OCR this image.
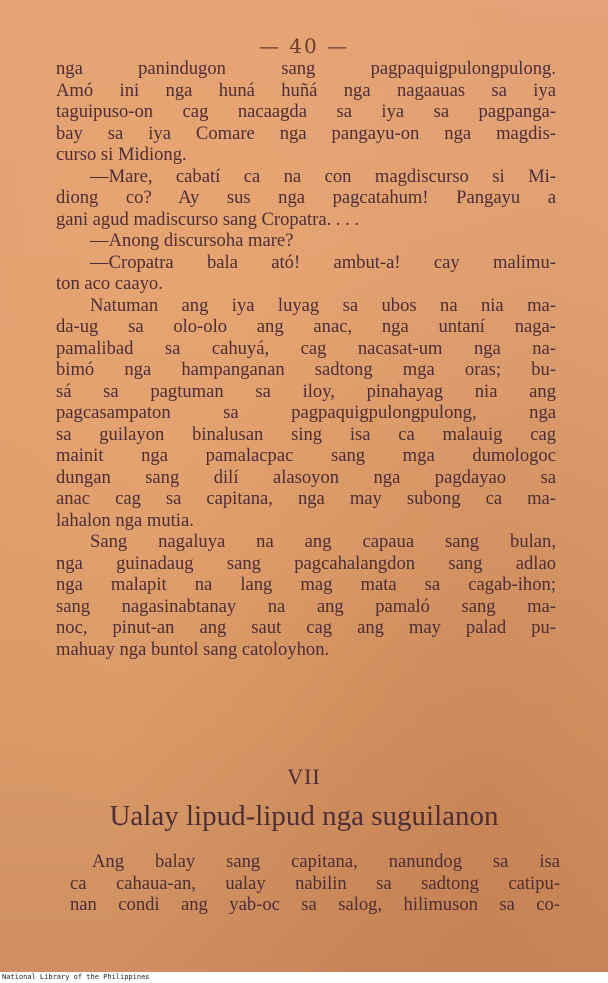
— 40 —
nga panindugon sang pagpaquigpulongpulong.
Amó ini nga huná huñá nga nagaauas sa iya
taguipuso-on cag nacaagda sa iya sa pagpanga-
bay sa iya Comare nga pangayu-on nga magdis-
curso si Midiong.
—Mare, cabatí ca na con magdiscurso si Mi-
diong co? Ay sus nga pagcatahum! Pangayu a
gani agud madiscurso sang Cropatra. . . .
—Anong discursoha mare?
—Cropatra bala ató! ambut-a! cay malimu-
ton aco caayo.
Natuman ang iya luyag sa ubos na nia ma-
da-ug sa olo-olo ang anac, nga untaní naga-
pamalibad sa cahuyá, cag nacasat-um nga na-
bimó nga hampanganan sadtong mga oras; bu-
sá sa pagtuman sa iloy, pinahayag nia ang
pagcasampaton sa pagpaquigpulongpulong, nga
sa guilayon binalusan sing isa ca malauig cag
mainit nga pamalacpac sang mga dumologoc
dungan sang dilí alasoyon nga pagdayao sa
anac cag sa capitana, nga may subong ca ma-
lahalon nga mutia.
Sang nagaluya na ang capaua sang bulan,
nga guinadaug sang pagcahalangdon sang adlao
nga malapit na lang mag mata sa cagab-ihon;
sang nagasinabtanay na ang pamaló sang ma-
noc, pinut-an ang saut cag ang may palad pu-
mahuay nga buntol sang catoloyhon.
VII
Ualay lipud-lipud nga suguilanon
Ang balay sang capitana, nanundog sa isa
ca cahaua-an, ualay nabilin sa sadtong catipu-
nan condi ang yab-oc sa salog, hilimuson sa co-
National Library of the Philippines
